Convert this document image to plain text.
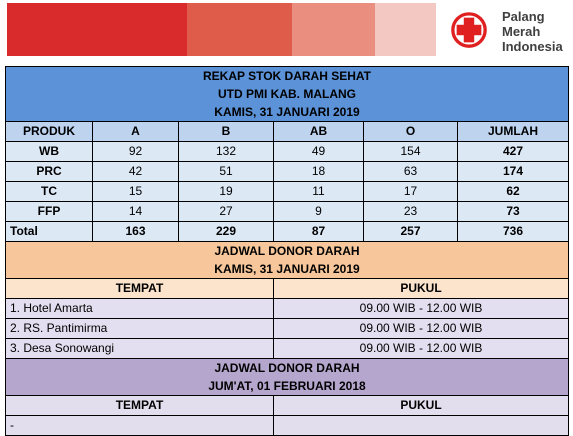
Palang
Merah
Indonesia
REKAP STOK DARAH SEHAT
UTD PMI KAB. MALANG
KAMIS, 31 JANUARI 2019					

PRODUK	A	B	AB	O	JUMLAH
WB	92	132	49	154	427
PRC	42	51	18	63	174
TC	15	19	11	17	62
FFP	14	27	9	23	73
Total	163	229	87	257	736

JADWAL DONOR DARAH
KAMIS, 31 JANUARI 2019					

TEMPAT			PUKUL		
1. Hotel Amarta			09.00 WIB - 12.00 WIB		
2. RS. Pantimirma			09.00 WIB - 12.00 WIB		
3. Desa Sonowangi			09.00 WIB - 12.00 WIB		

JADWAL DONOR DARAH
JUM'AT, 01 FEBRUARI 2018					

TEMPAT			PUKUL		
-					
